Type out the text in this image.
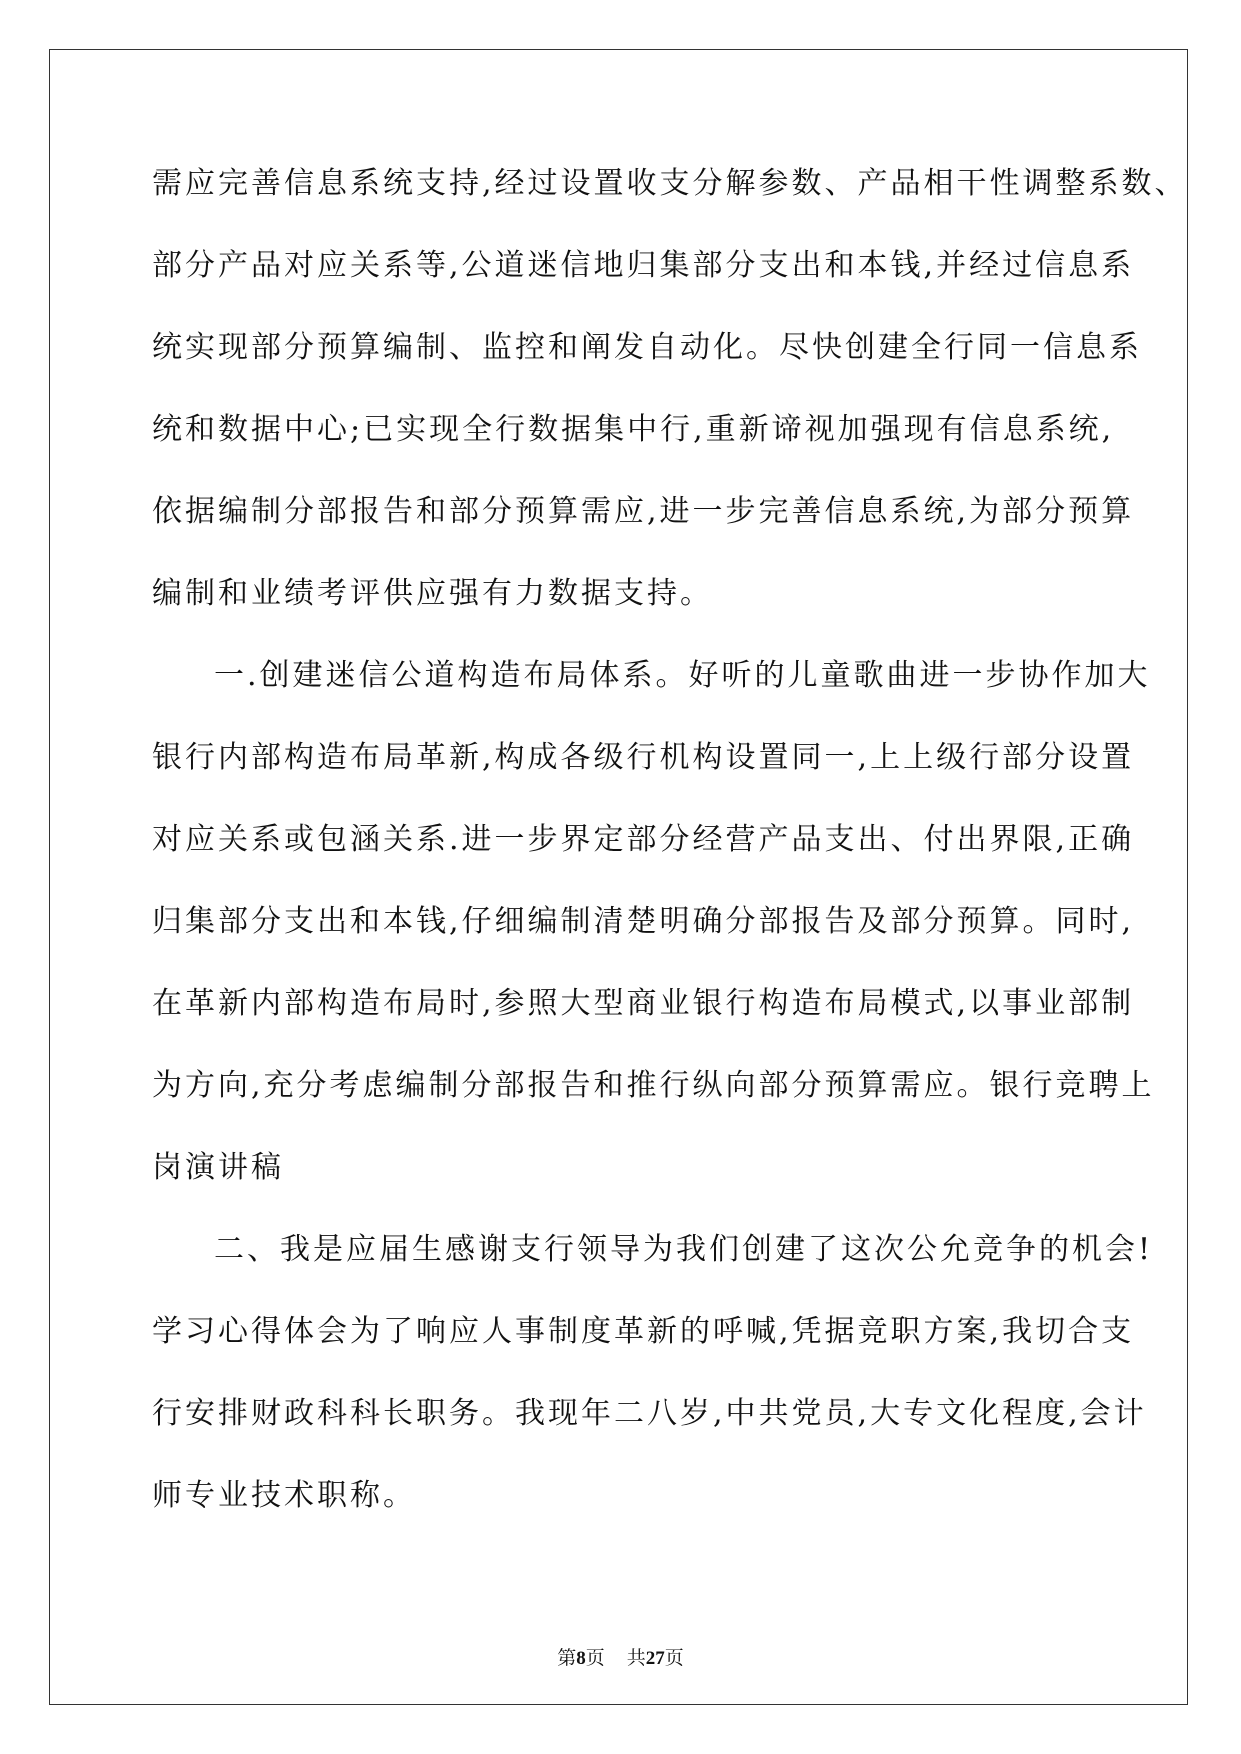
需应完善信息系统支持,经过设置收支分解参数、产品相干性调整系数、
部分产品对应关系等,公道迷信地归集部分支出和本钱,并经过信息系
统实现部分预算编制、监控和阐发自动化。尽快创建全行同一信息系
统和数据中心;已实现全行数据集中行,重新谛视加强现有信息系统,
依据编制分部报告和部分预算需应,进一步完善信息系统,为部分预算
编制和业绩考评供应强有力数据支持。
一.创建迷信公道构造布局体系。好听的儿童歌曲进一步协作加大
银行内部构造布局革新,构成各级行机构设置同一,上上级行部分设置
对应关系或包涵关系.进一步界定部分经营产品支出、付出界限,正确
归集部分支出和本钱,仔细编制清楚明确分部报告及部分预算。同时,
在革新内部构造布局时,参照大型商业银行构造布局模式,以事业部制
为方向,充分考虑编制分部报告和推行纵向部分预算需应。银行竞聘上
岗演讲稿
二、我是应届生感谢支行领导为我们创建了这次公允竞争的机会!
学习心得体会为了响应人事制度革新的呼喊,凭据竞职方案,我切合支
行安排财政科科长职务。我现年二八岁,中共党员,大专文化程度,会计
师专业技术职称。
第8页 共27页
